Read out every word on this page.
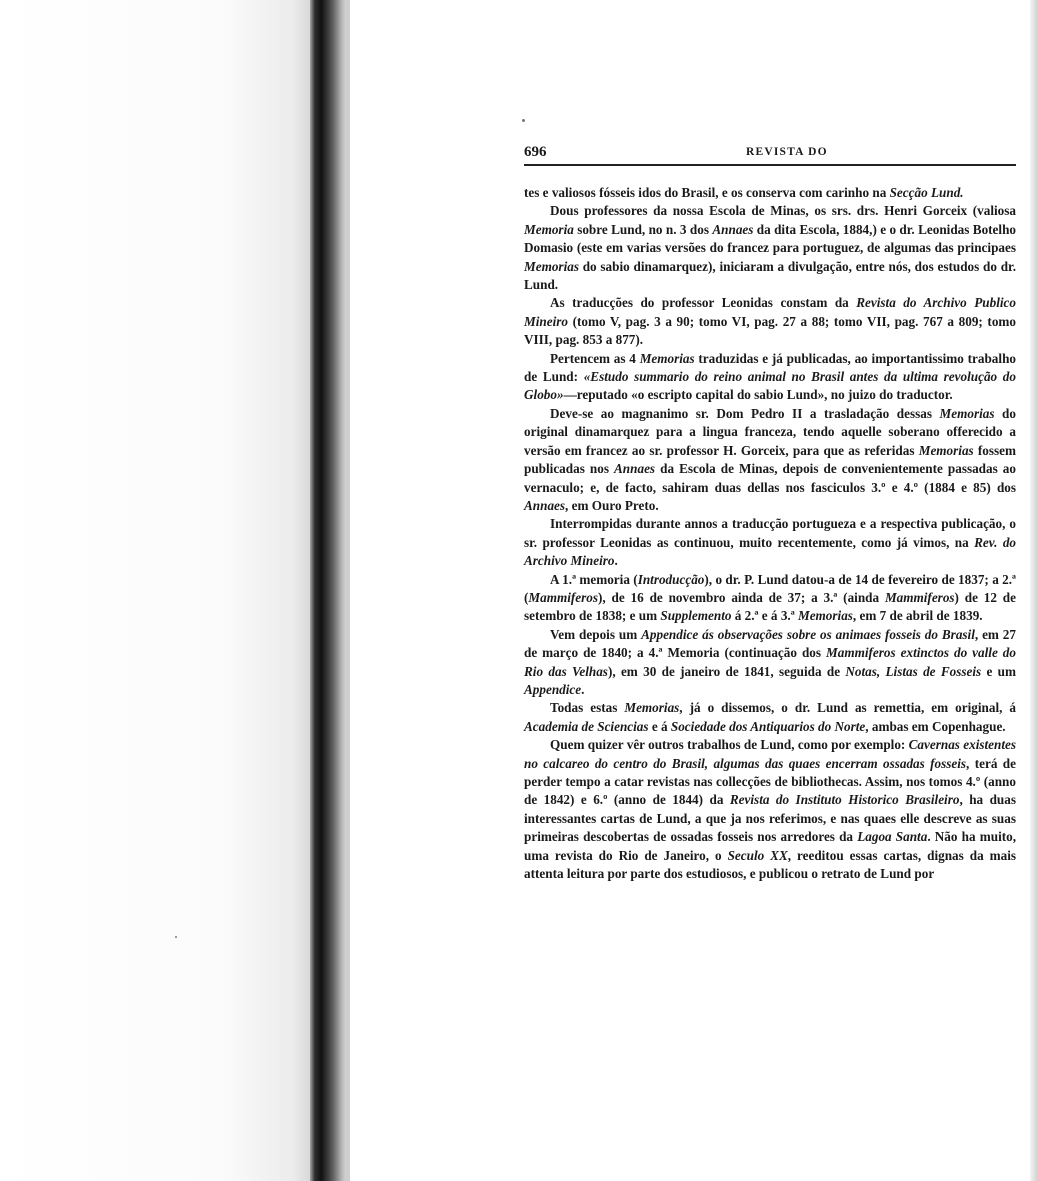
696	REVISTA DO

tes e valiosos fósseis idos do Brasil, e os conserva com carinho na Secção Lund.

Dous professores da nossa Escola de Minas, os srs. drs. Henri Gorceix (valiosa Memoria sobre Lund, no n. 3 dos Annaes da dita Escola, 1884,) e o dr. Leonidas Botelho Domasio (este em varias versões do francez para portuguez, de algumas das principaes Memorias do sabio dinamarquez), iniciaram a divulgação, entre nós, dos estudos do dr. Lund.

As traducções do professor Leonidas constam da Revista do Archivo Publico Mineiro (tomo V, pag. 3 a 90; tomo VI, pag. 27 a 88; tomo VII, pag. 767 a 809; tomo VIII, pag. 853 a 877).

Pertencem as 4 Memorias traduzidas e já publicadas, ao importantissimo trabalho de Lund: «Estudo summario do reino animal no Brasil antes da ultima revolução do Globo»—reputado «o escripto capital do sabio Lund», no juizo do traductor.

Deve-se ao magnanimo sr. Dom Pedro II a trasladação dessas Memorias do original dinamarquez para a lingua franceza, tendo aquelle soberano offerecido a versão em francez ao sr. professor H. Gorceix, para que as referidas Memorias fossem publicadas nos Annaes da Escola de Minas, depois de convenientemente passadas ao vernaculo; e, de facto, sahiram duas dellas nos fasciculos 3.º e 4.º (1884 e 85) dos Annaes, em Ouro Preto.

Interrompidas durante annos a traducção portugueza e a respectiva publicação, o sr. professor Leonidas as continuou, muito recentemente, como já vimos, na Rev. do Archivo Mineiro.

A 1.ª memoria (Introducção), o dr. P. Lund datou-a de 14 de fevereiro de 1837; a 2.ª (Mammiferos), de 16 de novembro ainda de 37; a 3.ª (ainda Mammiferos) de 12 de setembro de 1838; e um Supplemento á 2.ª e á 3.ª Memorias, em 7 de abril de 1839.

Vem depois um Appendice ás observações sobre os animaes fosseis do Brasil, em 27 de março de 1840; a 4.ª Memoria (continuação dos Mammiferos extinctos do valle do Rio das Velhas), em 30 de janeiro de 1841, seguida de Notas, Listas de Fosseis e um Appendice.

Todas estas Memorias, já o dissemos, o dr. Lund as remettia, em original, á Academia de Sciencias e á Sociedade dos Antiquarios do Norte, ambas em Copenhague.

Quem quizer vêr outros trabalhos de Lund, como por exemplo: Cavernas existentes no calcareo do centro do Brasil, algumas das quaes encerram ossadas fosseis, terá de perder tempo a catar revistas nas collecções de bibliothecas. Assim, nos tomos 4.º (anno de 1842) e 6.º (anno de 1844) da Revista do Instituto Historico Brasileiro, ha duas interessantes cartas de Lund, a que ja nos referimos, e nas quaes elle descreve as suas primeiras descobertas de ossadas fosseis nos arredores da Lagoa Santa. Não ha muito, uma revista do Rio de Janeiro, o Seculo XX, reeditou essas cartas, dignas da mais attenta leitura por parte dos estudiosos, e publicou o retrato de Lund por
